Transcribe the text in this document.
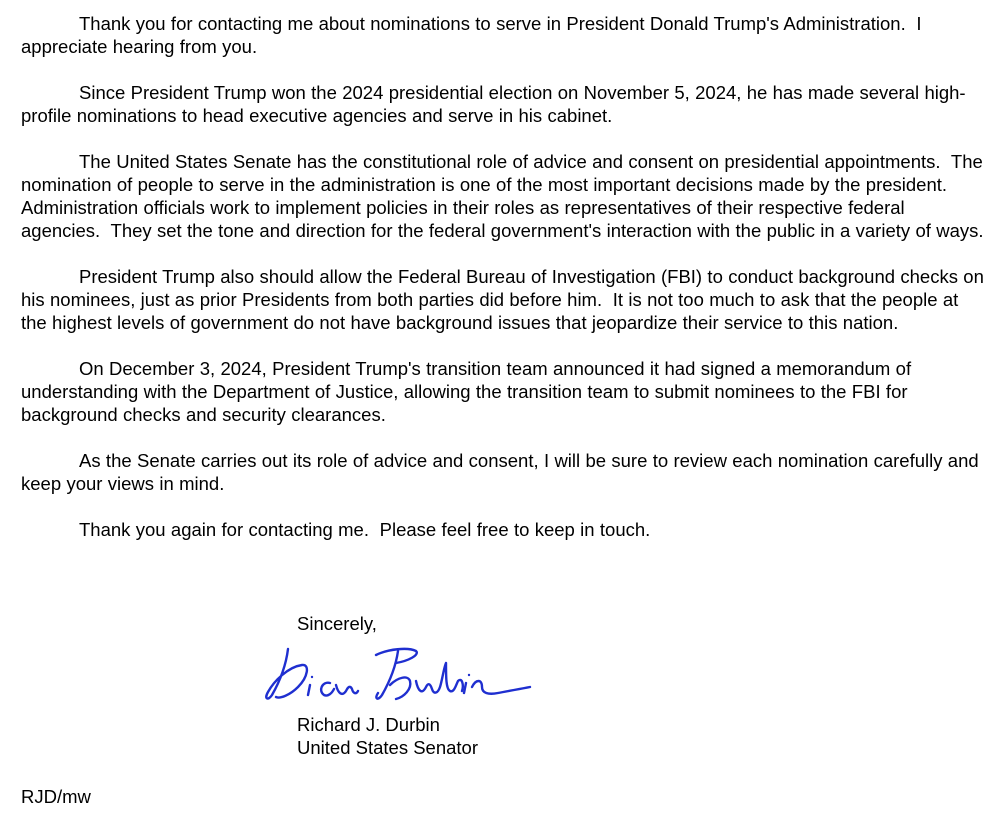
Thank you for contacting me about nominations to serve in President Donald Trump's Administration.  I appreciate hearing from you.

Since President Trump won the 2024 presidential election on November 5, 2024, he has made several high-profile nominations to head executive agencies and serve in his cabinet.

The United States Senate has the constitutional role of advice and consent on presidential appointments.  The nomination of people to serve in the administration is one of the most important decisions made by the president.  Administration officials work to implement policies in their roles as representatives of their respective federal agencies.  They set the tone and direction for the federal government's interaction with the public in a variety of ways.

President Trump also should allow the Federal Bureau of Investigation (FBI) to conduct background checks on his nominees, just as prior Presidents from both parties did before him.  It is not too much to ask that the people at the highest levels of government do not have background issues that jeopardize their service to this nation.

On December 3, 2024, President Trump's transition team announced it had signed a memorandum of understanding with the Department of Justice, allowing the transition team to submit nominees to the FBI for background checks and security clearances.

As the Senate carries out its role of advice and consent, I will be sure to review each nomination carefully and keep your views in mind.

Thank you again for contacting me.  Please feel free to keep in touch.

Sincerely,
Richard J. Durbin
United States Senator
RJD/mw
